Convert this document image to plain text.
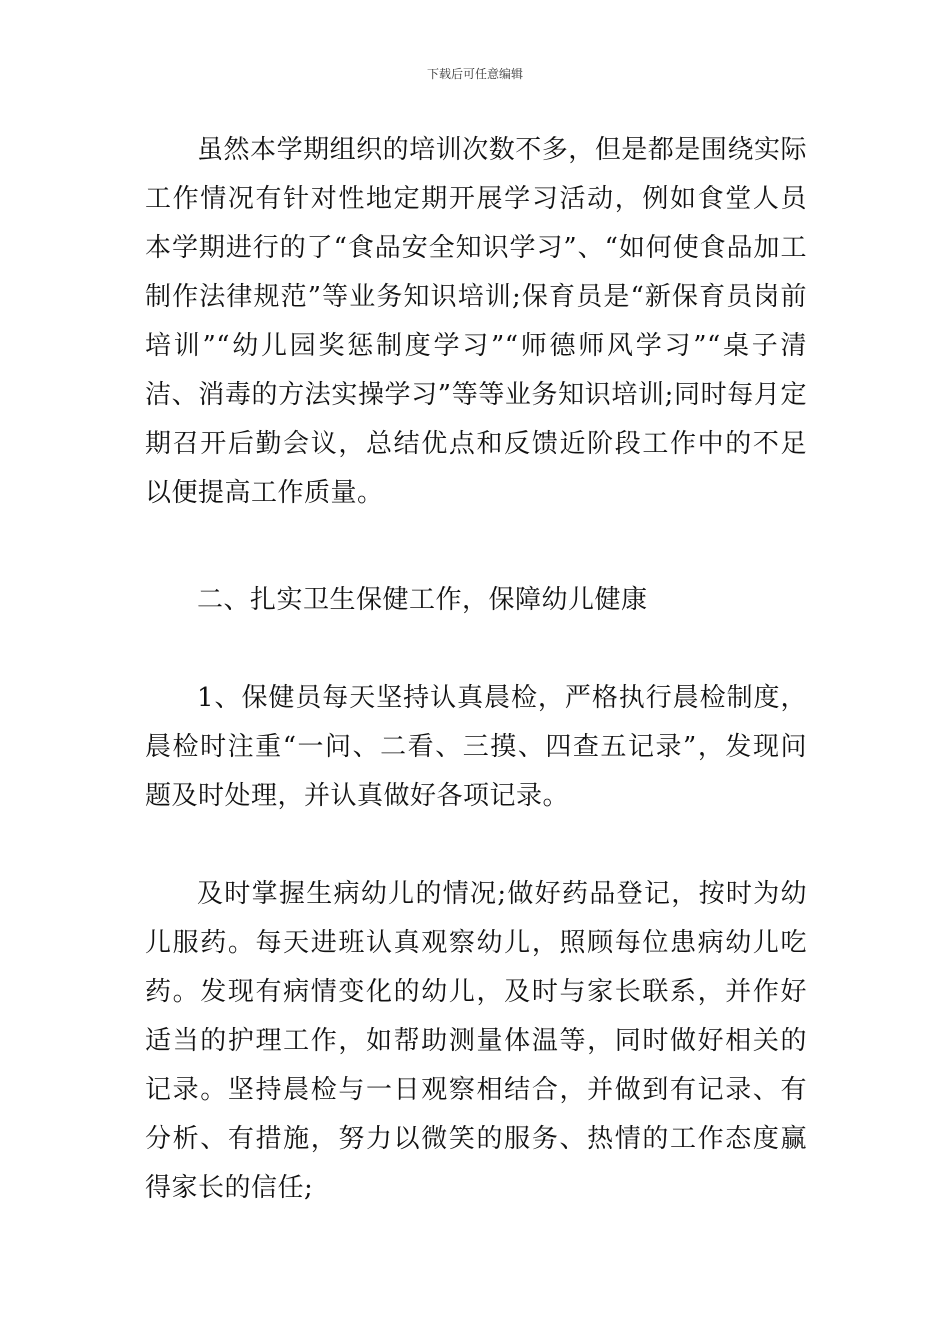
下载后可任意编辑

虽然本学期组织的培训次数不多，但是都是围绕实际工作情况有针对性地定期开展学习活动，例如食堂人员本学期进行的了“食品安全知识学习”、“如何使食品加工制作法律规范”等业务知识培训;保育员是“新保育员岗前培训”“幼儿园奖惩制度学习”“师德师风学习”“桌子清洁、消毒的方法实操学习”等等业务知识培训;同时每月定期召开后勤会议，总结优点和反馈近阶段工作中的不足以便提高工作质量。

二、扎实卫生保健工作，保障幼儿健康

1、保健员每天坚持认真晨检，严格执行晨检制度，晨检时注重“一问、二看、三摸、四查五记录”，发现问题及时处理，并认真做好各项记录。

及时掌握生病幼儿的情况;做好药品登记，按时为幼儿服药。每天进班认真观察幼儿，照顾每位患病幼儿吃药。发现有病情变化的幼儿，及时与家长联系，并作好适当的护理工作，如帮助测量体温等，同时做好相关的记录。坚持晨检与一日观察相结合，并做到有记录、有分析、有措施，努力以微笑的服务、热情的工作态度赢得家长的信任;
